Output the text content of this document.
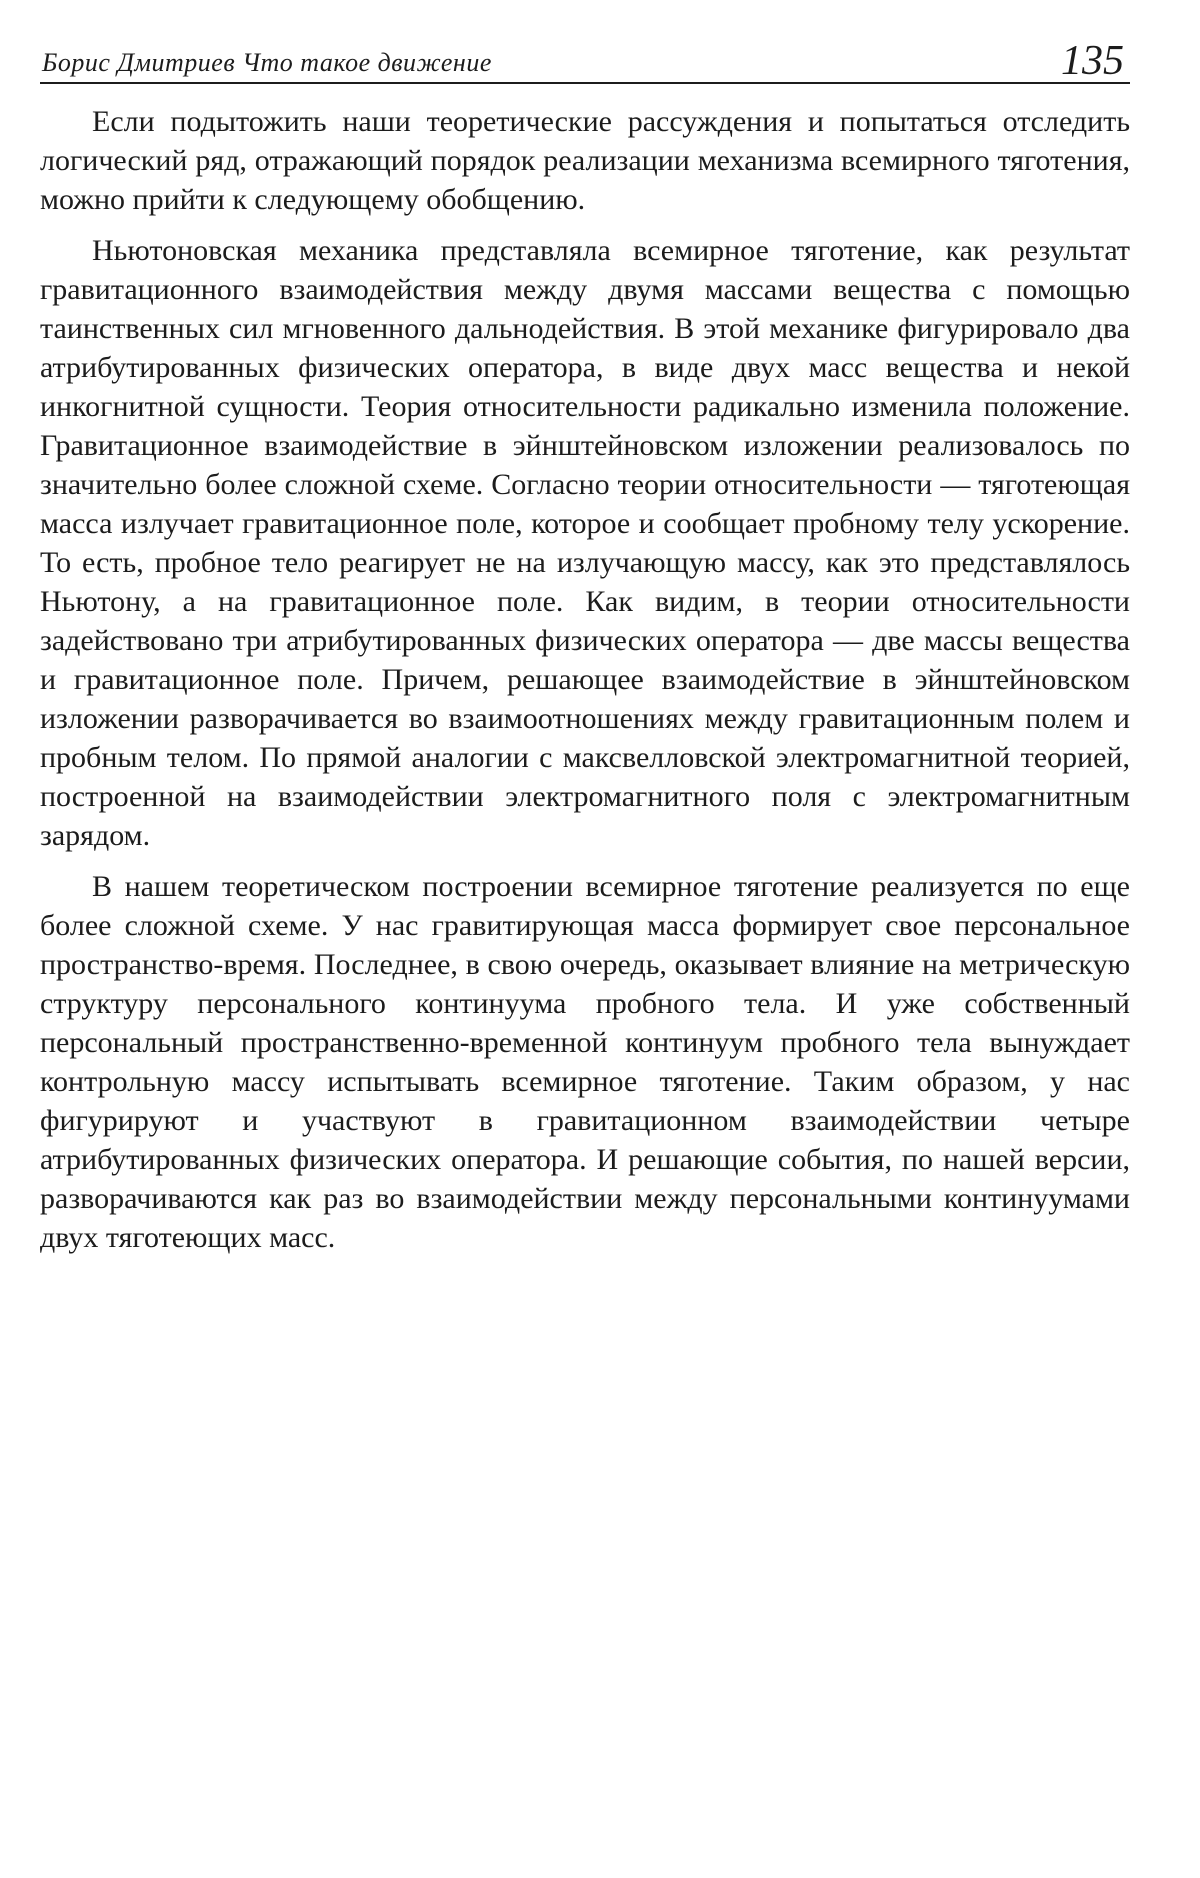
Борис Дмитриев Что такое движение	135

Если подытожить наши теоретические рассуждения и попытаться отследить логический ряд, отражающий порядок реализации механизма всемирного тяготения, можно прийти к следующему обобщению.

Ньютоновская механика представляла всемирное тяготение, как результат гравитационного взаимодействия между двумя массами вещества с помощью таинственных сил мгновенного дальнодействия. В этой механике фигурировало два атрибутированных физических оператора, в виде двух масс вещества и некой инкогнитной сущности. Теория относительности радикально изменила положение. Гравитационное взаимодействие в эйнштейновском изложении реализовалось по значительно более сложной схеме. Согласно теории относительности — тяготеющая масса излучает гравитационное поле, которое и сообщает пробному телу ускорение. То есть, пробное тело реагирует не на излучающую массу, как это представлялось Ньютону, а на гравитационное поле. Как видим, в теории относительности задействовано три атрибутированных физических оператора — две массы вещества и гравитационное поле. Причем, решающее взаимодействие в эйнштейновском изложении разворачивается во взаимоотношениях между гравитационным полем и пробным телом. По прямой аналогии с максвелловской электромагнитной теорией, построенной на взаимодействии электромагнитного поля с электромагнитным зарядом.

В нашем теоретическом построении всемирное тяготение реализуется по еще более сложной схеме. У нас гравитирующая масса формирует свое персональное пространство-время. Последнее, в свою очередь, оказывает влияние на метрическую структуру персонального континуума пробного тела. И уже собственный персональный пространственно-временной континуум пробного тела вынуждает контрольную массу испытывать всемирное тяготение. Таким образом, у нас фигурируют и участвуют в гравитационном взаимодействии четыре атрибутированных физических оператора. И решающие события, по нашей версии, разворачиваются как раз во взаимодействии между персональными континуумами двух тяготеющих масс.
